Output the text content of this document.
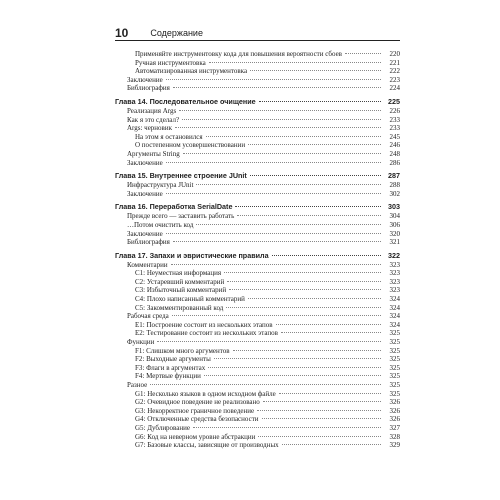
10 Содержание
Применяйте инструментовку кода для повышения вероятности сбоев	220
Ручная инструментовка	221
Автоматизированная инструментовка	222
Заключение	223
Библиография	224
Глава 14. Последовательное очищение	225
Реализация Args	226
Как я это сделал?	233
Args: черновик	233
На этом я остановился	245
О постепенном усовершенствовании	246
Аргументы String	248
Заключение	286
Глава 15. Внутреннее строение JUnit	287
Инфраструктура JUnit	288
Заключение	302
Глава 16. Переработка SerialDate	303
Прежде всего — заставить работать	304
…Потом очистить код	306
Заключение	320
Библиография	321
Глава 17. Запахи и эвристические правила	322
Комментарии	323
C1: Неуместная информация	323
C2: Устаревший комментарий	323
C3: Избыточный комментарий	323
C4: Плохо написанный комментарий	324
C5: Закомментированный код	324
Рабочая среда	324
E1: Построение состоит из нескольких этапов	324
E2: Тестирование состоит из нескольких этапов	325
Функции	325
F1: Слишком много аргументов	325
F2: Выходные аргументы	325
F3: Флаги в аргументах	325
F4: Мертвые функции	325
Разное	325
G1: Несколько языков в одном исходном файле	325
G2: Очевидное поведение не реализовано	326
G3: Некорректное граничное поведение	326
G4: Отключенные средства безопасности	326
G5: Дублирование	327
G6: Код на неверном уровне абстракции	328
G7: Базовые классы, зависящие от производных	329
